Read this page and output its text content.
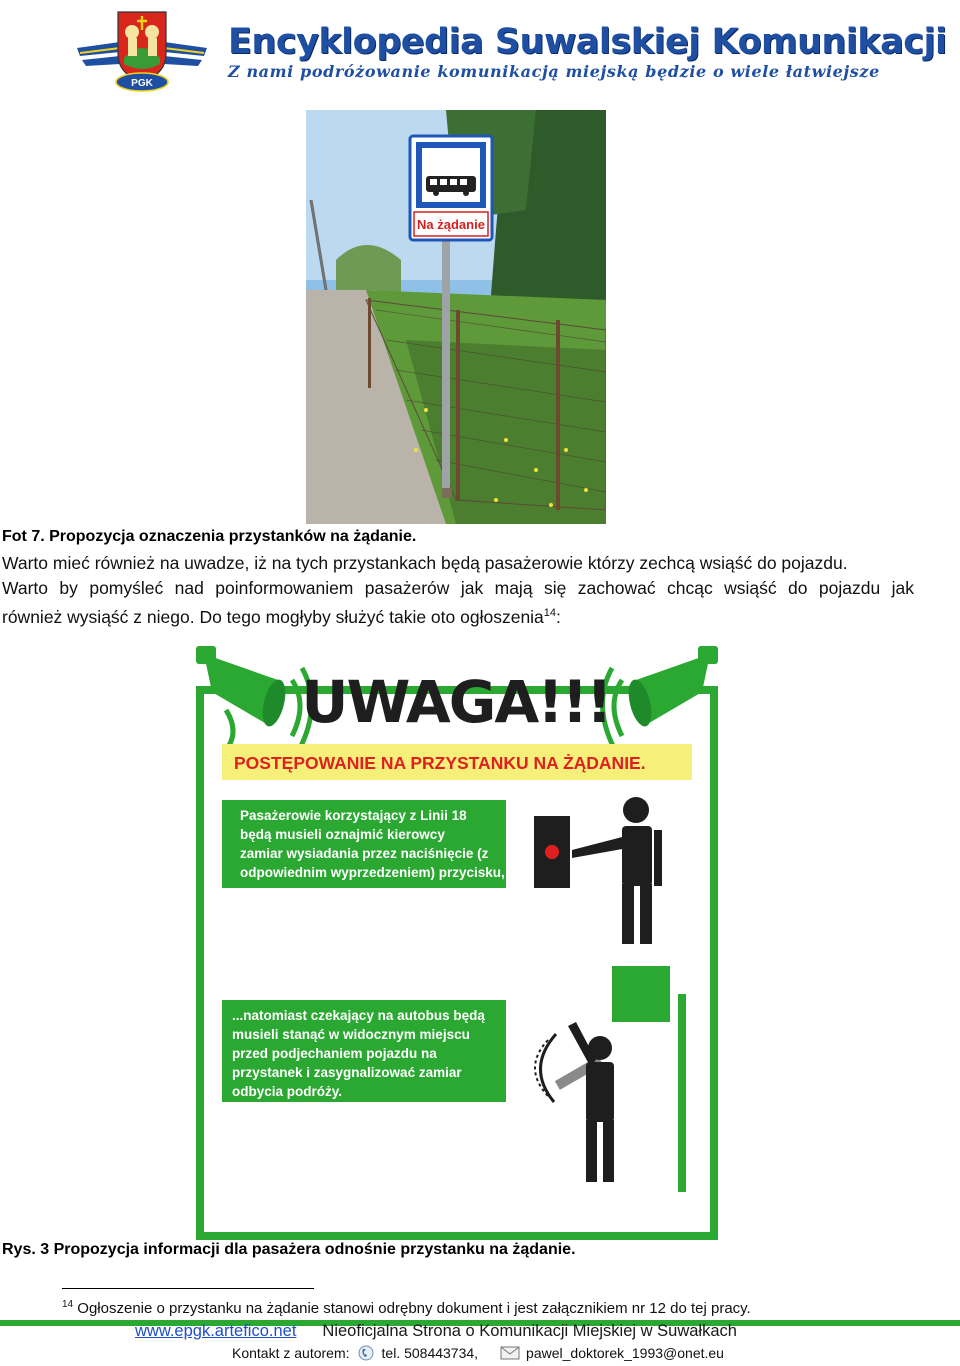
PGK
Encyklopedia Suwalskiej Komunikacji
Z nami podróżowanie komunikacją miejską będzie o wiele łatwiejsze
Na żądanie
Fot 7. Propozycja oznaczenia przystanków na żądanie.

Warto mieć również na uwadze, iż na tych przystankach będą pasażerowie którzy zechcą wsiąść do pojazdu.

Warto by pomyśleć nad poinformowaniem pasażerów jak mają się zachować chcąc wsiąść do pojazdu jak

również wysiąść z niego. Do tego mogłyby służyć takie oto ogłoszenia$^{14}$:

UWAGA!!!
POSTĘPOWANIE NA PRZYSTANKU NA ŻĄDANIE.
Pasażerowie korzystający z Linii 18
będą musieli oznajmić kierowcy
zamiar wysiadania przez naciśnięcie (z
odpowiednim wyprzedzeniem) przycisku,
...natomiast czekający na autobus będą
musieli stanąć w widocznym miejscu
przed podjechaniem pojazdu na
przystanek i zasygnalizować zamiar
odbycia podróży.
Rys. 3 Propozycja informacji dla pasażera odnośnie przystanku na żądanie.
$^{14}$ Ogłoszenie o przystanku na żądanie stanowi odrębny dokument i jest załącznikiem nr 12 do tej pracy.
www.epgk.artefico.net Nieoficjalna Strona o Komunikacji Miejskiej w Suwałkach
Kontakt z autorem: tel. 508443734,	pawel_doktorek_1993@onet.eu
